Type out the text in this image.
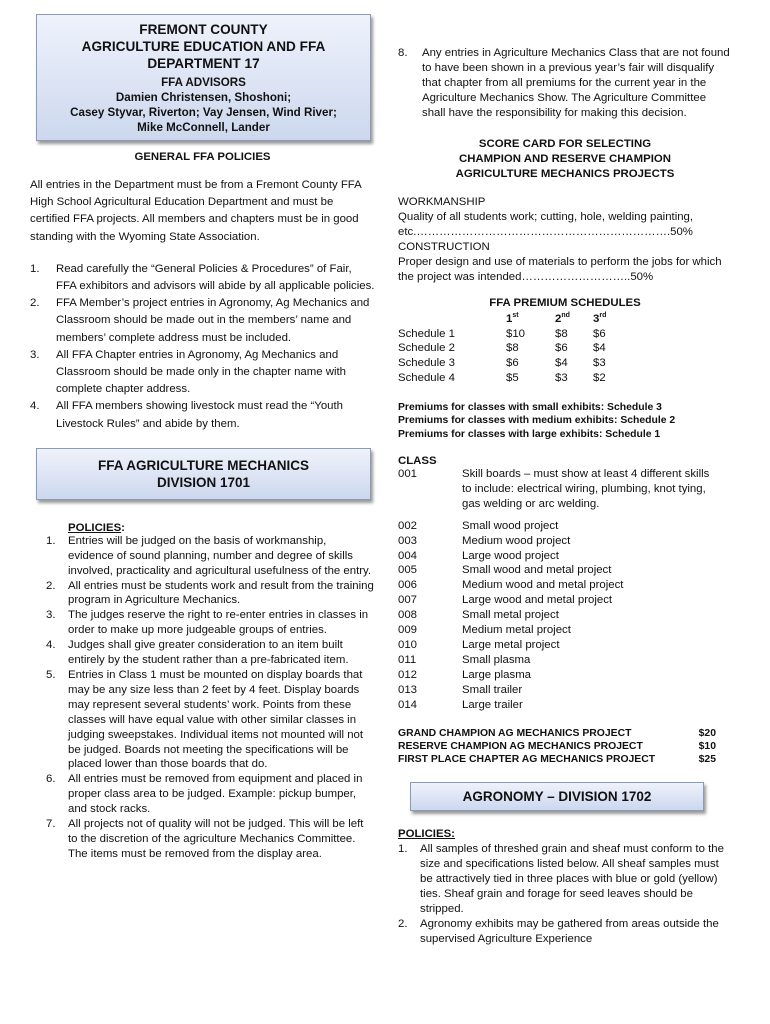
FREMONT COUNTY
AGRICULTURE EDUCATION AND FFA
DEPARTMENT 17
FFA ADVISORS
Damien Christensen, Shoshoni;
Casey Styvar, Riverton; Vay Jensen, Wind River;
Mike McConnell, Lander
GENERAL FFA POLICIES

All entries in the Department must be from a Fremont County FFA High School Agricultural Education Department and must be certified FFA projects. All members and chapters must be in good standing with the Wyoming State Association.

1. Read carefully the “General Policies & Procedures” of Fair, FFA exhibitors and advisors will abide by all applicable policies.
2. FFA Member’s project entries in Agronomy, Ag Mechanics and Classroom should be made out in the members’ name and members’ complete address must be included.
3. All FFA Chapter entries in Agronomy, Ag Mechanics and Classroom should be made only in the chapter name with complete chapter address.
4. All FFA members showing livestock must read the “Youth Livestock Rules” and abide by them.
FFA AGRICULTURE MECHANICS
DIVISION 1701
POLICIES:
1. Entries will be judged on the basis of workmanship, evidence of sound planning, number and degree of skills involved, practicality and agricultural usefulness of the entry.
2. All entries must be students work and result from the training program in Agriculture Mechanics.
3. The judges reserve the right to re-enter entries in classes in order to make up more judgeable groups of entries.
4. Judges shall give greater consideration to an item built entirely by the student rather than a pre-fabricated item.
5. Entries in Class 1 must be mounted on display boards that may be any size less than 2 feet by 4 feet. Display boards may represent several students’ work. Points from these classes will have equal value with other similar classes in judging sweepstakes. Individual items not mounted will not be judged. Boards not meeting the specifications will be placed lower than those boards that do.
6. All entries must be removed from equipment and placed in proper class area to be judged. Example: pickup bumper, and stock racks.
7. All projects not of quality will not be judged. This will be left to the discretion of the agriculture Mechanics Committee. The items must be removed from the display area.
8. Any entries in Agriculture Mechanics Class that are not found to have been shown in a previous year’s fair will disqualify that chapter from all premiums for the current year in the Agriculture Mechanics Show. The Agriculture Committee shall have the responsibility for making this decision.
SCORE CARD FOR SELECTING
CHAMPION AND RESERVE CHAMPION
AGRICULTURE MECHANICS PROJECTS
WORKMANSHIP
Quality of all students work; cutting, hole, welding painting, etc.………………………………………………………….50%
CONSTRUCTION
Proper design and use of materials to perform the jobs for which the project was intended………………………..50%
FFA PREMIUM SCHEDULES
	1st	2nd	3rd
Schedule 1	$10	$8	$6
Schedule 2	$8	$6	$4
Schedule 3	$6	$4	$3
Schedule 4	$5	$3	$2
Premiums for classes with small exhibits: Schedule 3
Premiums for classes with medium exhibits: Schedule 2
Premiums for classes with large exhibits: Schedule 1
CLASS
001	Skill boards – must show at least 4 different skills to include: electrical wiring, plumbing, knot tying, gas welding or arc welding.
002	Small wood project
003	Medium wood project
004	Large wood project
005	Small wood and metal project
006	Medium wood and metal project
007	Large wood and metal project
008	Small metal project
009	Medium metal project
010	Large metal project
011	Small plasma
012	Large plasma
013	Small trailer
014	Large trailer
GRAND CHAMPION AG MECHANICS PROJECT	$20
RESERVE CHAMPION AG MECHANICS PROJECT	$10
FIRST PLACE CHAPTER AG MECHANICS PROJECT	$25
AGRONOMY – DIVISION 1702
POLICIES:
1. All samples of threshed grain and sheaf must conform to the size and specifications listed below. All sheaf samples must be attractively tied in three places with blue or gold (yellow) ties. Sheaf grain and forage for seed leaves should be stripped.
2. Agronomy exhibits may be gathered from areas outside the supervised Agriculture Experience
